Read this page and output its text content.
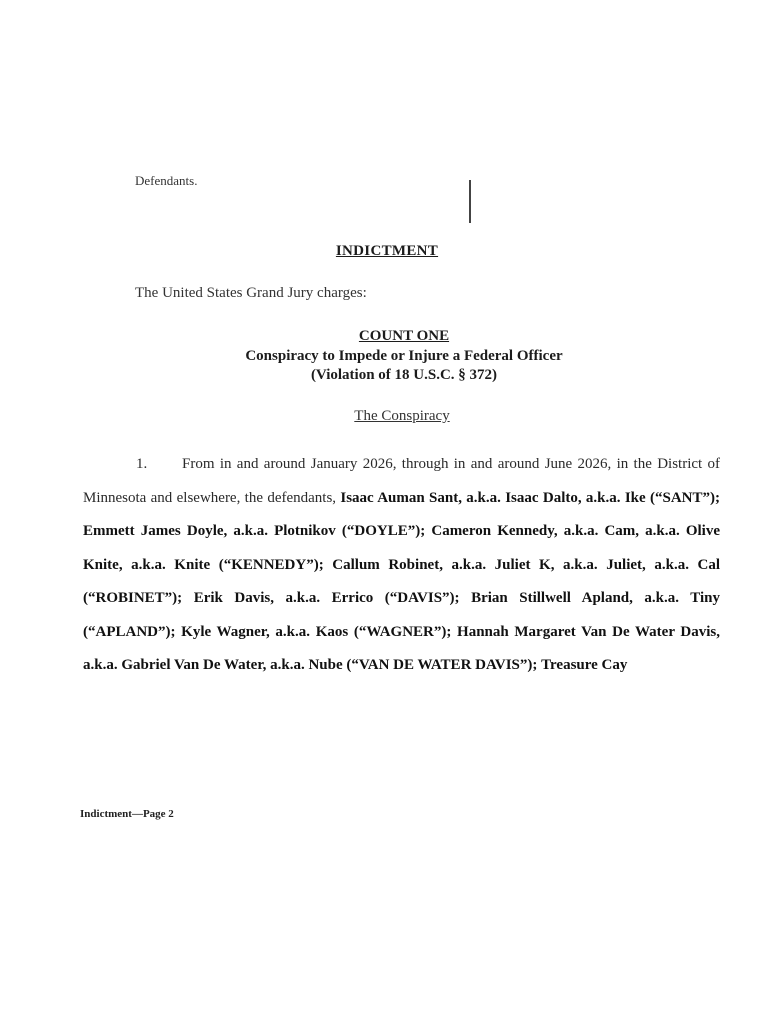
Defendants.
INDICTMENT
The United States Grand Jury charges:
COUNT ONE
Conspiracy to Impede or Injure a Federal Officer
(Violation of 18 U.S.C. § 372)
The Conspiracy
1. From in and around January 2026, through in and around June 2026, in the District of Minnesota and elsewhere, the defendants, Isaac Auman Sant, a.k.a. Isaac Dalto, a.k.a. Ike (“SANT”); Emmett James Doyle, a.k.a. Plotnikov (“DOYLE”); Cameron Kennedy, a.k.a. Cam, a.k.a. Olive Knite, a.k.a. Knite (“KENNEDY”); Callum Robinet, a.k.a. Juliet K, a.k.a. Juliet, a.k.a. Cal (“ROBINET”); Erik Davis, a.k.a. Errico (“DAVIS”); Brian Stillwell Apland, a.k.a. Tiny (“APLAND”); Kyle Wagner, a.k.a. Kaos (“WAGNER”); Hannah Margaret Van De Water Davis, a.k.a. Gabriel Van De Water, a.k.a. Nube (“VAN DE WATER DAVIS”); Treasure Cay
Indictment—Page 2
